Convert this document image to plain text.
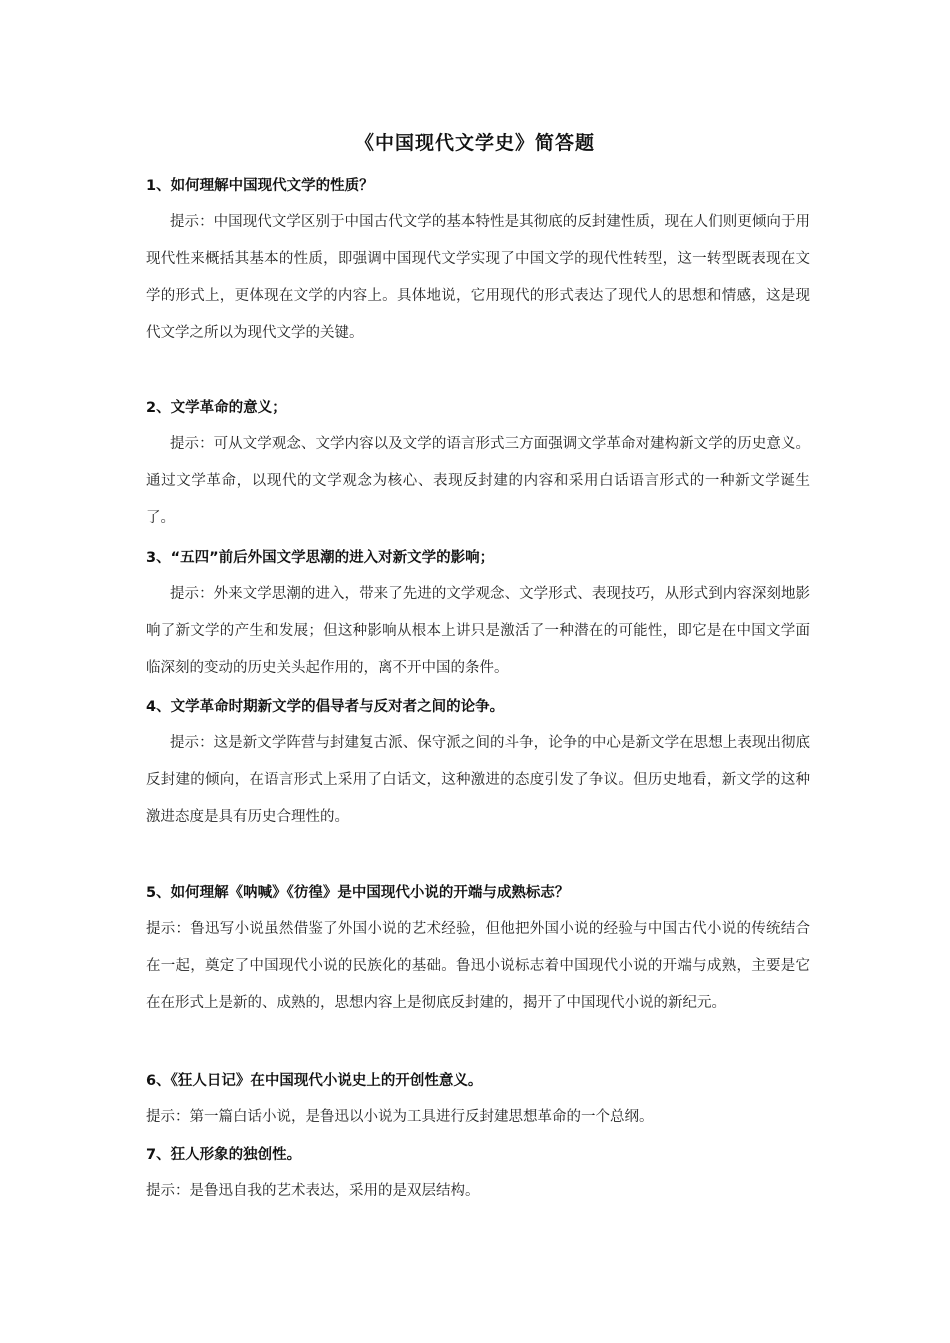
《中国现代文学史》简答题
1、如何理解中国现代文学的性质？
提示：中国现代文学区别于中国古代文学的基本特性是其彻底的反封建性质，现在人们则更倾向于用现代性来概括其基本的性质，即强调中国现代文学实现了中国文学的现代性转型，这一转型既表现在文学的形式上，更体现在文学的内容上。具体地说，它用现代的形式表达了现代人的思想和情感，这是现代文学之所以为现代文学的关键。
2、文学革命的意义；
提示：可从文学观念、文学内容以及文学的语言形式三方面强调文学革命对建构新文学的历史意义。通过文学革命，以现代的文学观念为核心、表现反封建的内容和采用白话语言形式的一种新文学诞生了。
3、“五四”前后外国文学思潮的进入对新文学的影响；
提示：外来文学思潮的进入，带来了先进的文学观念、文学形式、表现技巧，从形式到内容深刻地影响了新文学的产生和发展；但这种影响从根本上讲只是激活了一种潜在的可能性，即它是在中国文学面临深刻的变动的历史关头起作用的，离不开中国的条件。
4、文学革命时期新文学的倡导者与反对者之间的论争。
提示：这是新文学阵营与封建复古派、保守派之间的斗争，论争的中心是新文学在思想上表现出彻底反封建的倾向，在语言形式上采用了白话文，这种激进的态度引发了争议。但历史地看，新文学的这种激进态度是具有历史合理性的。
5、如何理解《呐喊》《彷徨》是中国现代小说的开端与成熟标志？
提示：鲁迅写小说虽然借鉴了外国小说的艺术经验，但他把外国小说的经验与中国古代小说的传统结合在一起，奠定了中国现代小说的民族化的基础。鲁迅小说标志着中国现代小说的开端与成熟，主要是它在在形式上是新的、成熟的，思想内容上是彻底反封建的，揭开了中国现代小说的新纪元。
6、《狂人日记》在中国现代小说史上的开创性意义。
提示：第一篇白话小说，是鲁迅以小说为工具进行反封建思想革命的一个总纲。
7、狂人形象的独创性。
提示：是鲁迅自我的艺术表达，采用的是双层结构。
